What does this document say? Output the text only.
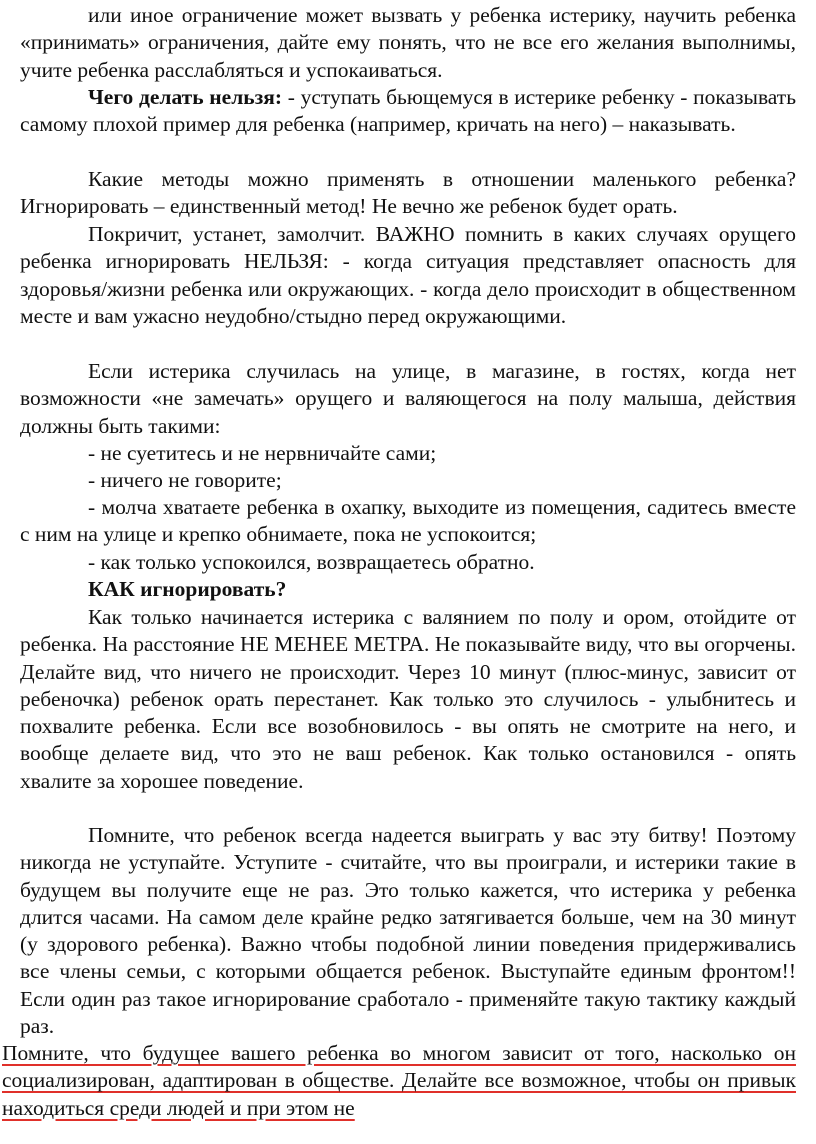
или иное ограничение может вызвать у ребенка истерику, научить ребенка «принимать» ограничения, дайте ему понять, что не все его желания выполнимы, учите ребенка расслабляться и успокаиваться.

Чего делать нельзя: - уступать бьющемуся в истерике ребенку - показывать самому плохой пример для ребенка (например, кричать на него) – наказывать.

Какие методы можно применять в отношении маленького ребенка? Игнорировать – единственный метод! Не вечно же ребенок будет орать.

Покричит, устанет, замолчит. ВАЖНО помнить в каких случаях орущего ребенка игнорировать НЕЛЬЗЯ: - когда ситуация представляет опасность для здоровья/жизни ребенка или окружающих. - когда дело происходит в общественном месте и вам ужасно неудобно/стыдно перед окружающими.

Если истерика случилась на улице, в магазине, в гостях, когда нет возможности «не замечать» орущего и валяющегося на полу малыша, действия должны быть такими:

- не суетитесь и не нервничайте сами;

- ничего не говорите;

- молча хватаете ребенка в охапку, выходите из помещения, садитесь вместе с ним на улице и крепко обнимаете, пока не успокоится;

- как только успокоился, возвращаетесь обратно.

КАК игнорировать?

Как только начинается истерика с валянием по полу и ором, отойдите от ребенка. На расстояние НЕ МЕНЕЕ МЕТРА. Не показывайте виду, что вы огорчены. Делайте вид, что ничего не происходит. Через 10 минут (плюс-минус, зависит от ребеночка) ребенок орать перестанет. Как только это случилось - улыбнитесь и похвалите ребенка. Если все возобновилось - вы опять не смотрите на него, и вообще делаете вид, что это не ваш ребенок. Как только остановился - опять хвалите за хорошее поведение.

Помните, что ребенок всегда надеется выиграть у вас эту битву! Поэтому никогда не уступайте. Уступите - считайте, что вы проиграли, и истерики такие в будущем вы получите еще не раз. Это только кажется, что истерика у ребенка длится часами. На самом деле крайне редко затягивается больше, чем на 30 минут (у здорового ребенка). Важно чтобы подобной линии поведения придерживались все члены семьи, с которыми общается ребенок. Выступайте единым фронтом!! Если один раз такое игнорирование сработало - применяйте такую тактику каждый раз.

Помните, что будущее вашего ребенка во многом зависит от того, насколько он социализирован, адаптирован в обществе. Делайте все возможное, чтобы он привык находиться среди людей и при этом не
